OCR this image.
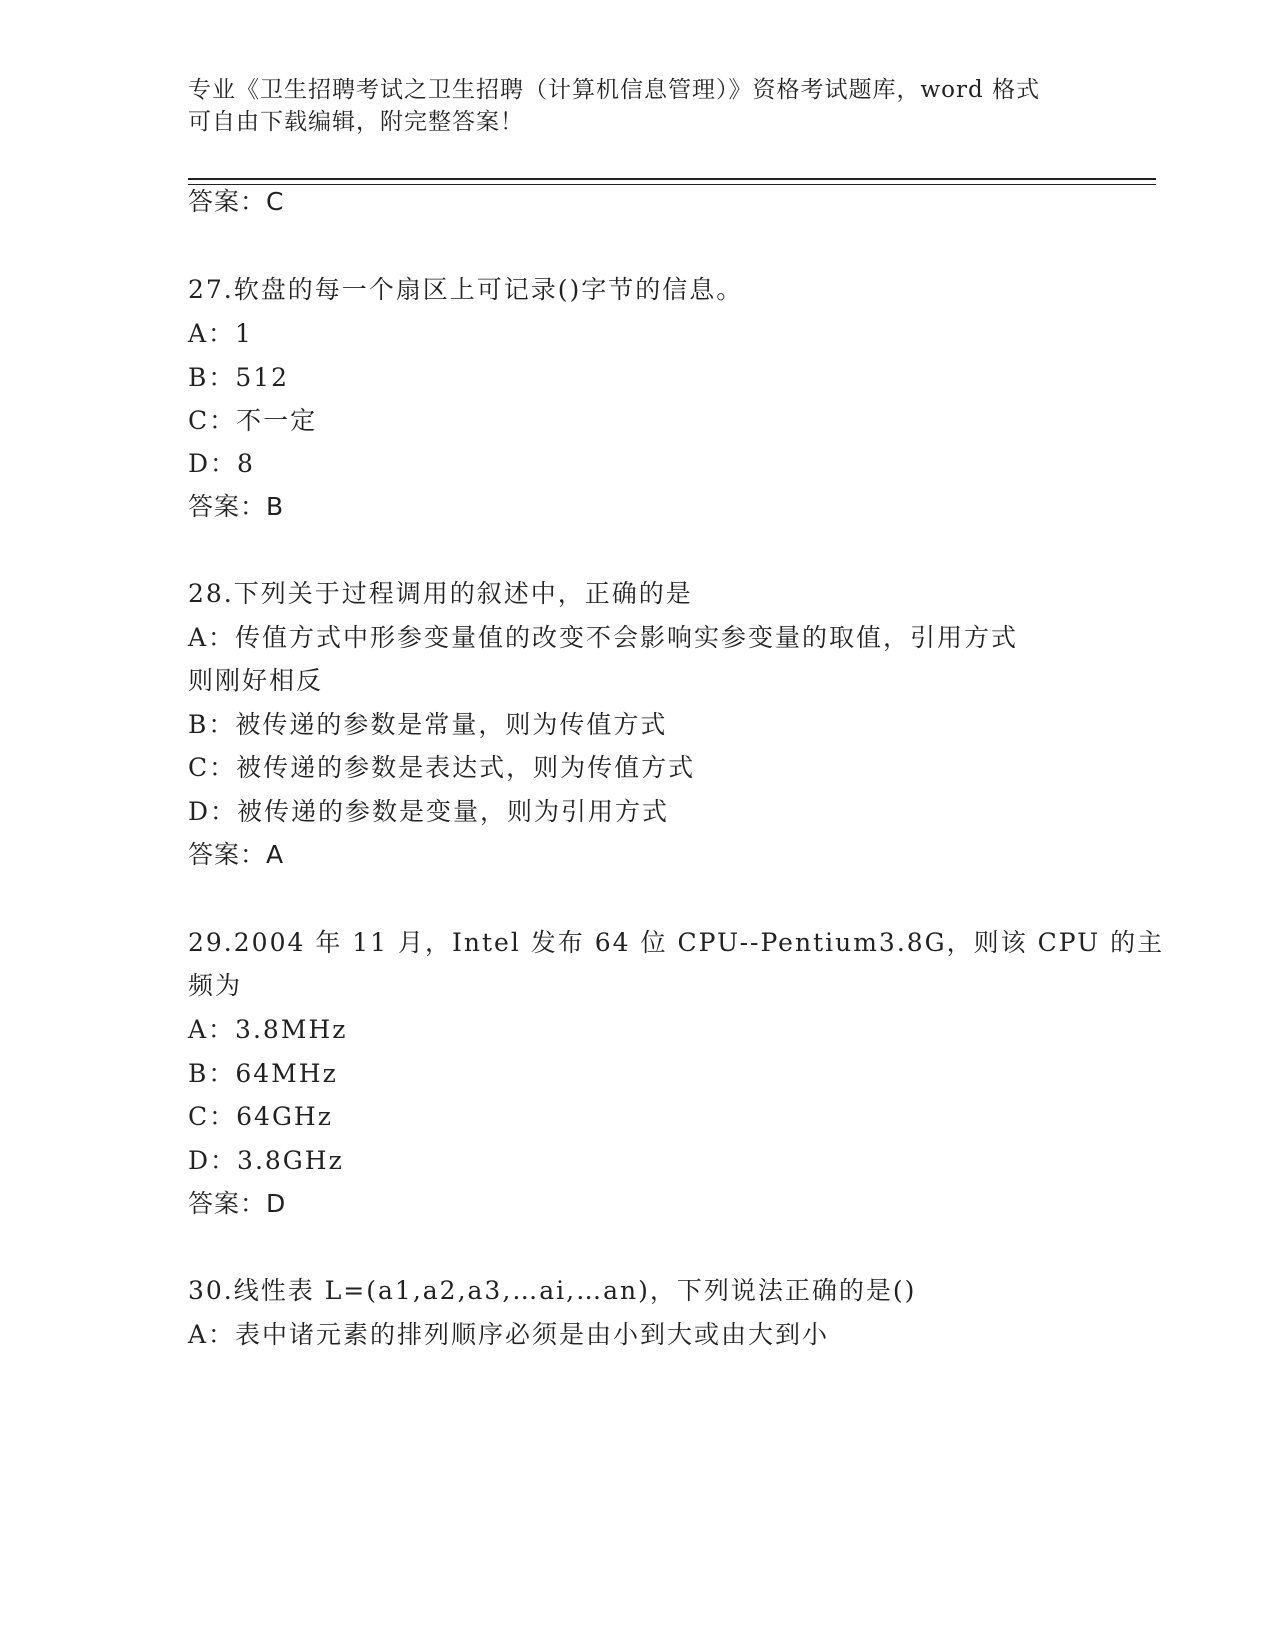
专业《卫生招聘考试之卫生招聘（计算机信息管理）》资格考试题库，word 格式
可自由下载编辑，附完整答案！
答案：C
27.软盘的每一个扇区上可记录()字节的信息。
A：1
B：512
C：不一定
D：8
答案：B
28.下列关于过程调用的叙述中，正确的是
A：传值方式中形参变量值的改变不会影响实参变量的取值，引用方式
则刚好相反
B：被传递的参数是常量，则为传值方式
C：被传递的参数是表达式，则为传值方式
D：被传递的参数是变量，则为引用方式
答案：A
29.2004 年 11 月，Intel 发布 64 位 CPU--Pentium3.8G，则该 CPU 的主
频为
A：3.8MHz
B：64MHz
C：64GHz
D：3.8GHz
答案：D
30.线性表 L=(a1,a2,a3,…ai,…an)，下列说法正确的是()
A：表中诸元素的排列顺序必须是由小到大或由大到小
